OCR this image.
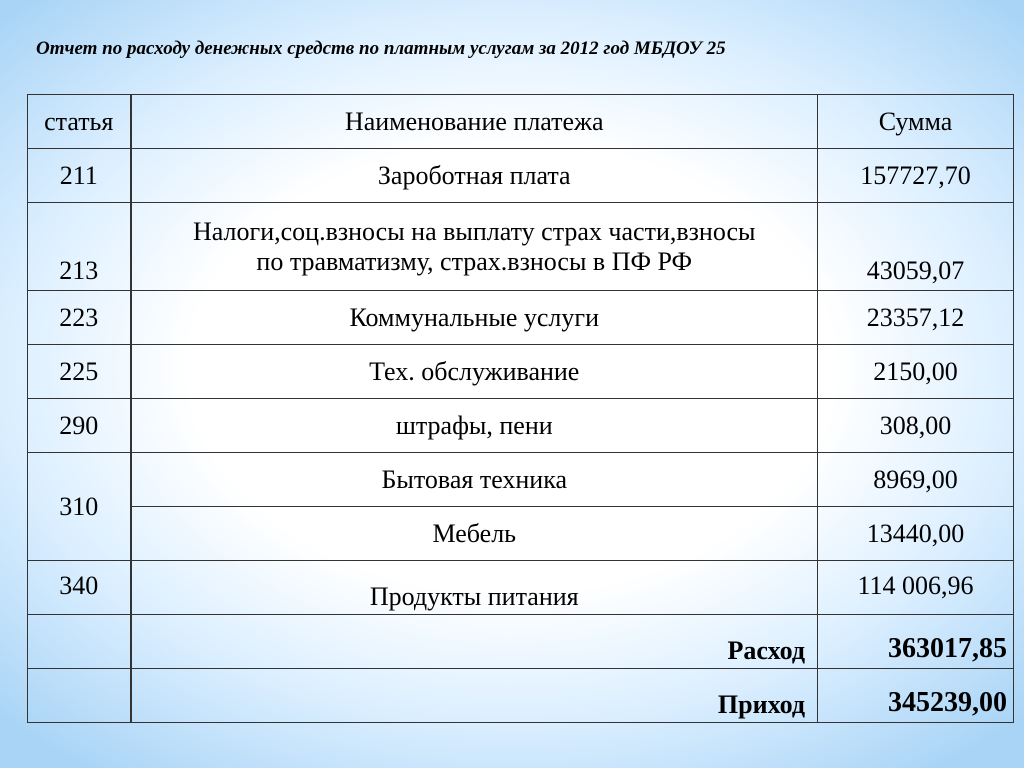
Отчет по расходу денежных средств по платным услугам за 2012 год МБДОУ 25
статья	Наименование платежа	Сумма
211	Зароботная плата	157727,70
213	Налоги,соц.взносы на выплату страх части,взносы
по травматизму, страх.взносы в ПФ РФ	43059,07
223	Коммунальные услуги	23357,12
225	Тех. обслуживание	2150,00
290	штрафы, пени	308,00
310	Бытовая техника	8969,00
	Мебель	13440,00
340	Продукты питания	114 006,96
	Расход	363017,85
	Приход	345239,00
